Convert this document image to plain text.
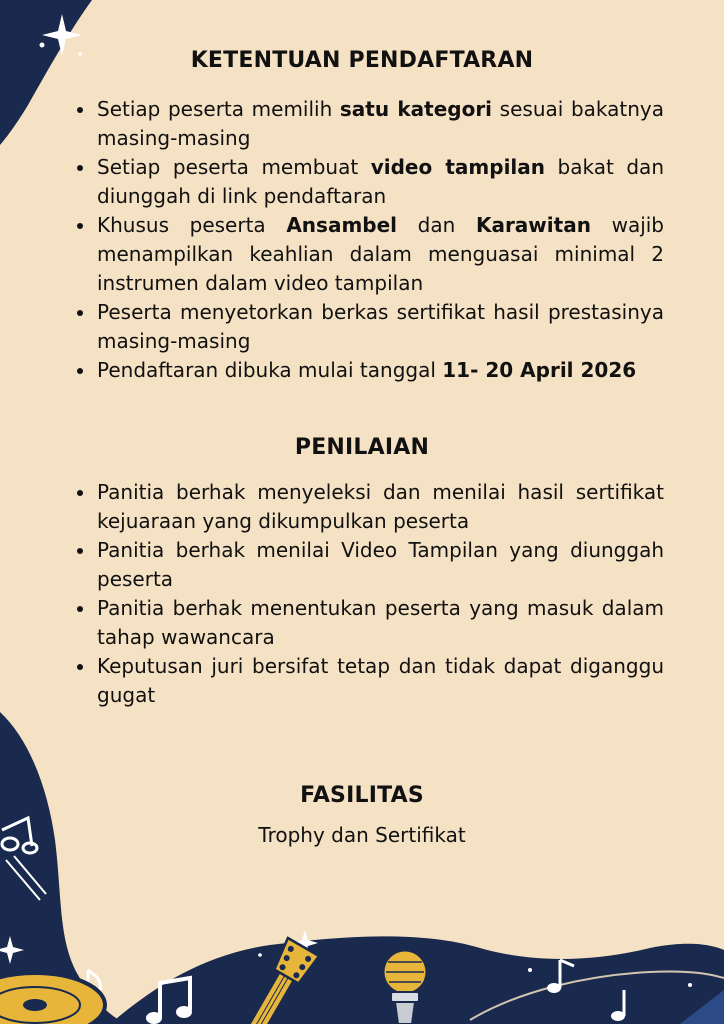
KETENTUAN PENDAFTARAN
Setiap peserta memilih satu kategori sesuai bakatnya masing-masing
Setiap peserta membuat video tampilan bakat dan diunggah di link pendaftaran
Khusus peserta Ansambel dan Karawitan wajib menampilkan keahlian dalam menguasai minimal 2 instrumen dalam video tampilan
Peserta menyetorkan berkas sertifikat hasil prestasinya masing-masing
Pendaftaran dibuka mulai tanggal 11- 20 April 2026
PENILAIAN
Panitia berhak menyeleksi dan menilai hasil sertifikat kejuaraan yang dikumpulkan peserta
Panitia berhak menilai Video Tampilan yang diunggah peserta
Panitia berhak menentukan peserta yang masuk dalam tahap wawancara
Keputusan juri bersifat tetap dan tidak dapat diganggu gugat
FASILITAS
Trophy dan Sertifikat
